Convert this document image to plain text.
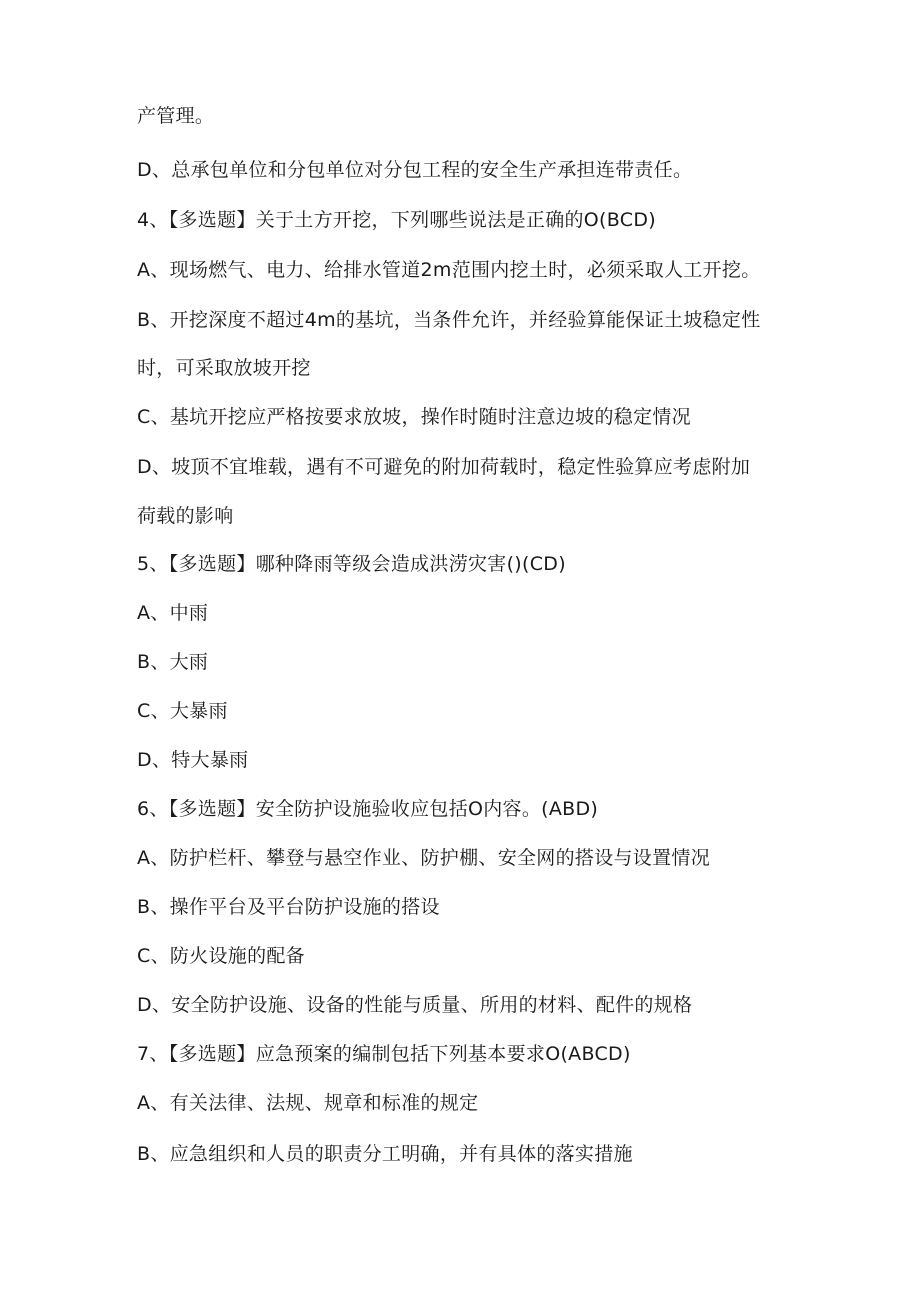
产管理。
D、总承包单位和分包单位对分包工程的安全生产承担连带责任。
4、【多选题】关于土方开挖，下列哪些说法是正确的O(BCD)
A、现场燃气、电力、给排水管道2m范围内挖土时，必须采取人工开挖。
B、开挖深度不超过4m的基坑，当条件允许，并经验算能保证土坡稳定性
时，可采取放坡开挖
C、基坑开挖应严格按要求放坡，操作时随时注意边坡的稳定情况
D、坡顶不宜堆载，遇有不可避免的附加荷载时，稳定性验算应考虑附加
荷载的影响
5、【多选题】哪种降雨等级会造成洪涝灾害()(CD)
A、中雨
B、大雨
C、大暴雨
D、特大暴雨
6、【多选题】安全防护设施验收应包括O内容。(ABD)
A、防护栏杆、攀登与悬空作业、防护棚、安全网的搭设与设置情况
B、操作平台及平台防护设施的搭设
C、防火设施的配备
D、安全防护设施、设备的性能与质量、所用的材料、配件的规格
7、【多选题】应急预案的编制包括下列基本要求O(ABCD)
A、有关法律、法规、规章和标准的规定
B、应急组织和人员的职责分工明确，并有具体的落实措施
